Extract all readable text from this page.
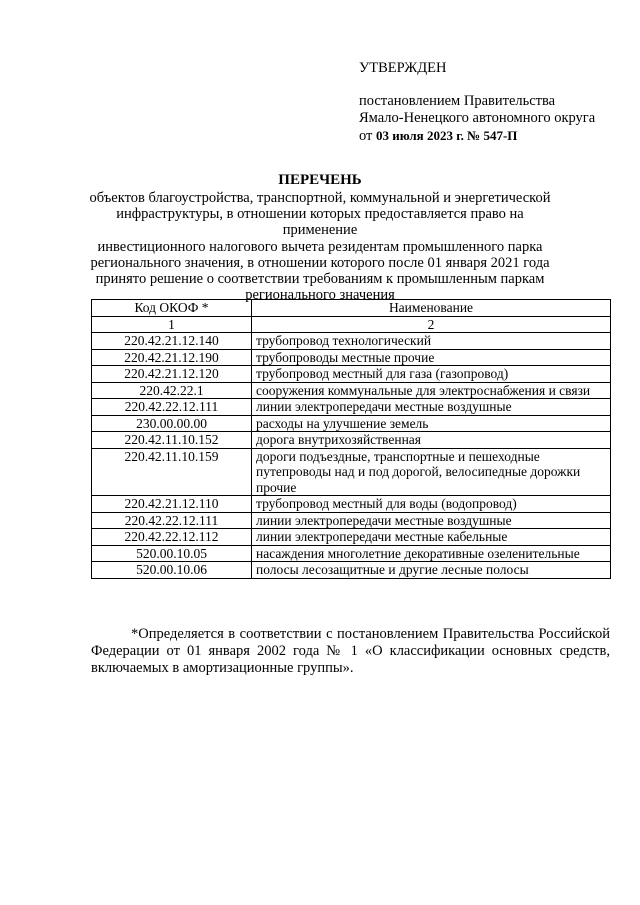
УТВЕРЖДЕН
постановлением Правительства
Ямало-Ненецкого автономного округа
от 03 июля 2023 г. № 547-П
ПЕРЕЧЕНЬ
объектов благоустройства, транспортной, коммунальной и энергетической
инфраструктуры, в отношении которых предоставляется право на применение
инвестиционного налогового вычета резидентам промышленного парка
регионального значения, в отношении которого после 01 января 2021 года
принято решение о соответствии требованиям к промышленным паркам
регионального значения
Код ОКОФ *	Наименование
1	2
220.42.21.12.140	трубопровод технологический
220.42.21.12.190	трубопроводы местные прочие
220.42.21.12.120	трубопровод местный для газа (газопровод)
220.42.22.1	сооружения коммунальные для электроснабжения и связи
220.42.22.12.111	линии электропередачи местные воздушные
230.00.00.00	расходы на улучшение земель
220.42.11.10.152	дорога внутрихозяйственная
220.42.11.10.159	дороги подъездные, транспортные и пешеходные путепроводы над и под дорогой, велосипедные дорожки прочие
220.42.21.12.110	трубопровод местный для воды (водопровод)
220.42.22.12.111	линии электропередачи местные воздушные
220.42.22.12.112	линии электропередачи местные кабельные
520.00.10.05	насаждения многолетние декоративные озеленительные
520.00.10.06	полосы лесозащитные и другие лесные полосы
*Определяется в соответствии с постановлением Правительства Российской Федерации от 01 января 2002 года № 1 «О классификации основных средств, включаемых в амортизационные группы».
